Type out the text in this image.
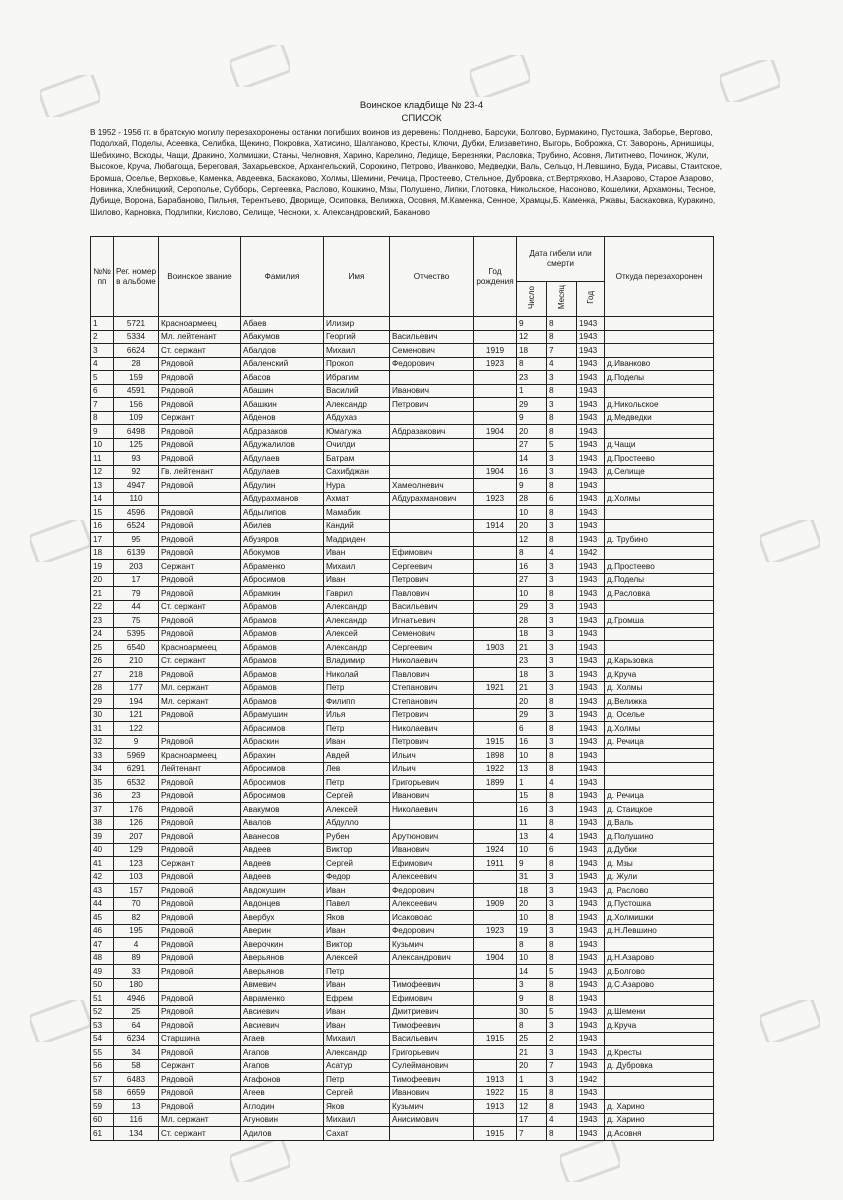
Воинское кладбище № 23-4
СПИСОК
В 1952 - 1956 гг. в братскую могилу перезахоронены останки погибших воинов из деревень: Полднево, Барсуки, Болгово, Бурмакино, Пустошка, Заборье, Вергово, Подолхай, Поделы, Асеевка, Селибка, Щекино, Покровка, Хатисино, Шалганово, Кресты, Ключи, Дубки, Елизаветино, Выгорь, Боброжка, Ст. Заворонь, Арнишицы, Шебихино, Вскоды, Чащи, Дракино, Холмишки, Станы, Челновня, Харино, Карелино, Ледище, Березняки, Расловка, Трубино, Асовня, Лититнево, Починок, Жули, Высокое, Круча, Любагоща, Береговая, Захарьевское, Архангельский, Сорокино, Петрово, Иванково, Медведки, Валь, Сельцо, Н.Левшино, Буда, Рисавы, Стаитское, Бромша, Оселье, Верховье, Каменка, Авдеевка, Баскаково, Холмы, Шемини, Речица, Простеево, Стельное, Дубровка, ст.Вертряхово, Н.Азарово, Старое Азарово, Новинка, Хлебницкий, Серополье, Субборь, Сергеевка, Раслово, Кошкино, Мзы, Полушено, Липки, Глотовка, Никольское, Насоново, Кошелики, Архамоны, Тесное, Дубище, Ворона, Барабаново, Пильня, Терентьево, Дворище, Осиповка, Велижка, Осовня, М.Каменка, Сенное, Храмцы,Б. Каменка, Ржавы, Баскаковка, Куракино, Шилово, Карновка, Подлипки, Кислово, Селище, Чесноки, х. Александровский, Баканово
№№ пп	Рег. номер в альбоме	Воинское звание	Фамилия	Имя	Отчество	Год рождения	Дата гибели или смерти			Откуда перезахоронен
							Число	Месяц	Год	
1	5721	Красноармеец	Абаев	Илизир			9	8	1943	
2	5334	Мл. лейтенант	Абакумов	Георгий	Васильевич		12	8	1943	
3	6624	Ст. сержант	Абалдов	Михаил	Семенович	1919	18	7	1943	
4	28	Рядовой	Абаленский	Прокоп	Федорович	1923	8	4	1943	д.Иванково
5	159	Рядовой	Абасов	Ибрагим			23	3	1943	д.Поделы
6	4591	Рядовой	Абашин	Василий	Иванович		1	8	1943	
7	156	Рядовой	Абашкин	Александр	Петрович		29	3	1943	д.Никольское
8	109	Сержант	Абденов	Абдухаз			9	8	1943	д.Медведки
9	6498	Рядовой	Абдразаков	Юмагужа	Абдразакович	1904	20	8	1943	
10	125	Рядовой	Абдужалилов	Очилди			27	5	1943	д.Чащи
11	93	Рядовой	Абдулаев	Батрам			14	3	1943	д.Простеево
12	92	Гв. лейтенант	Абдулаев	Сахибджан		1904	16	3	1943	д.Селище
13	4947	Рядовой	Абдулин	Нура	Хамеолневич		9	8	1943	
14	110		Абдурахманов	Ахмат	Абдурахманович	1923	28	6	1943	д.Холмы
15	4596	Рядовой	Абдылипов	Мамабик			10	8	1943	
16	6524	Рядовой	Абилев	Кандий		1914	20	3	1943	
17	95	Рядовой	Абузяров	Мадриден			12	8	1943	д. Трубино
18	6139	Рядовой	Абокумов	Иван	Ефимович		8	4	1942	
19	203	Сержант	Абраменко	Михаил	Сергеевич		16	3	1943	д.Простеево
20	17	Рядовой	Абросимов	Иван	Петрович		27	3	1943	д.Поделы
21	79	Рядовой	Абрамкин	Гаврил	Павлович		10	8	1943	д.Расловка
22	44	Ст. сержант	Абрамов	Александр	Васильевич		29	3	1943	
23	75	Рядовой	Абрамов	Александр	Игнатьевич		28	3	1943	д.Громша
24	5395	Рядовой	Абрамов	Алексей	Семенович		18	3	1943	
25	6540	Красноармеец	Абрамов	Александр	Сергеевич	1903	21	3	1943	
26	210	Ст. сержант	Абрамов	Владимир	Николаевич		23	3	1943	д.Карьзовка
27	218	Рядовой	Абрамов	Николай	Павлович		18	3	1943	д.Круча
28	177	Мл. сержант	Абрамов	Петр	Степанович	1921	21	3	1943	д. Холмы
29	194	Мл. сержант	Абрамов	Филипп	Степанович		20	8	1943	д.Велижка
30	121	Рядовой	Абрамушин	Илья	Петрович		29	3	1943	д. Оселье
31	122		Абрасимов	Петр	Николаевич		6	8	1943	д.Холмы
32	9	Рядовой	Абраскин	Иван	Петрович	1915	16	3	1943	д. Речица
33	5969	Красноармеец	Абрахин	Авдей	Ильич	1898	10	8	1943	
34	6291	Лейтенант	Абросимов	Лев	Ильич	1922	13	8	1943	
35	6532	Рядовой	Абросимов	Петр	Григорьевич	1899	1	4	1943	
36	23	Рядовой	Абросимов	Сергей	Иванович		15	8	1943	д. Речица
37	176	Рядовой	Авакумов	Алексей	Николаевич		16	3	1943	д. Стаицкое
38	126	Рядовой	Авалов	Абдулло			11	8	1943	д.Валь
39	207	Рядовой	Аванесов	Рубен	Арутюнович		13	4	1943	д.Полушино
40	129	Рядовой	Авдеев	Виктор	Иванович	1924	10	6	1943	д.Дубки
41	123	Сержант	Авдеев	Сергей	Ефимович	1911	9	8	1943	д. Мзы
42	103	Рядовой	Авдеев	Федор	Алексеевич		31	3	1943	д. Жули
43	157	Рядовой	Авдокушин	Иван	Федорович		18	3	1943	д. Раслово
44	70	Рядовой	Авдонцев	Павел	Алексеевич	1909	20	3	1943	д.Пустошка
45	82	Рядовой	Авербух	Яков	Исаковоас		10	8	1943	д.Холмишки
46	195	Рядовой	Аверин	Иван	Федорович	1923	19	3	1943	д.Н.Левшино
47	4	Рядовой	Аверочкин	Виктор	Кузьмич		8	8	1943	
48	89	Рядовой	Аверьянов	Алексей	Александрович	1904	10	8	1943	д.Н.Азарово
49	33	Рядовой	Аверьянов	Петр			14	5	1943	д.Болгово
50	180		Авмевич	Иван	Тимофеевич		3	8	1943	д.С.Азарово
51	4946	Рядовой	Авраменко	Ефрем	Ефимович		9	8	1943	
52	25	Рядовой	Авсиевич	Иван	Дмитриевич		30	5	1943	д.Шемени
53	64	Рядовой	Авсиевич	Иван	Тимофеевич		8	3	1943	д.Круча
54	6234	Старшина	Агаев	Михаил	Васильевич	1915	25	2	1943	
55	34	Рядовой	Агапов	Александр	Григорьевич		21	3	1943	д.Кресты
56	58	Сержант	Агапов	Асатур	Сулейманович		20	7	1943	д. Дубровка
57	6483	Рядовой	Агафонов	Петр	Тимофеевич	1913	1	3	1942	
58	6659	Рядовой	Агеев	Сергей	Иванович	1922	15	8	1943	
59	13	Рядовой	Аглодин	Яков	Кузьмич	1913	12	8	1943	д. Харино
60	116	Мл. сержант	Агуновин	Михаил	Анисимович		17	4	1943	д. Харино
61	134	Ст. сержант	Адилов	Сахат		1915	7	8	1943	д.Асовня
